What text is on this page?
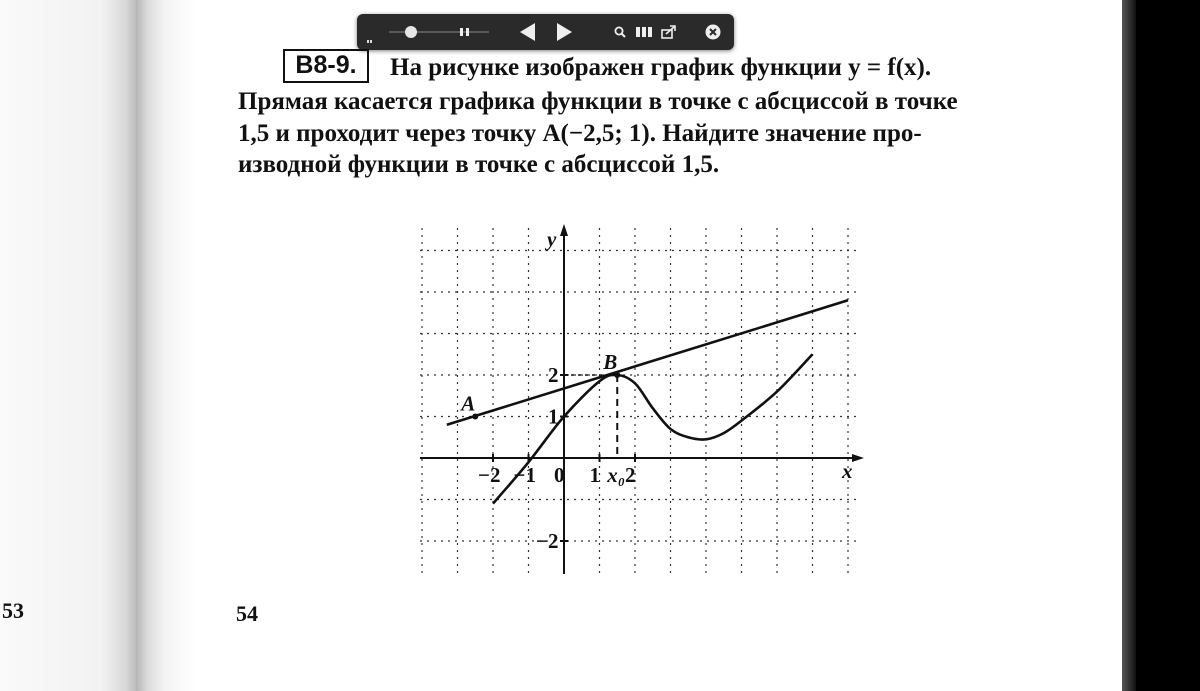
53
В8-9.	На рисунке изображен график функции y = f(x).
Прямая касается графика функции в точке с абсциссой в точке
1,5 и проходит через точку A(−2,5; 1). Найдите значение про-
изводной функции в точке с абсциссой 1,5.
A
B
−2 −1 0 1 2
x₀
2
1
−2
x
y
54
